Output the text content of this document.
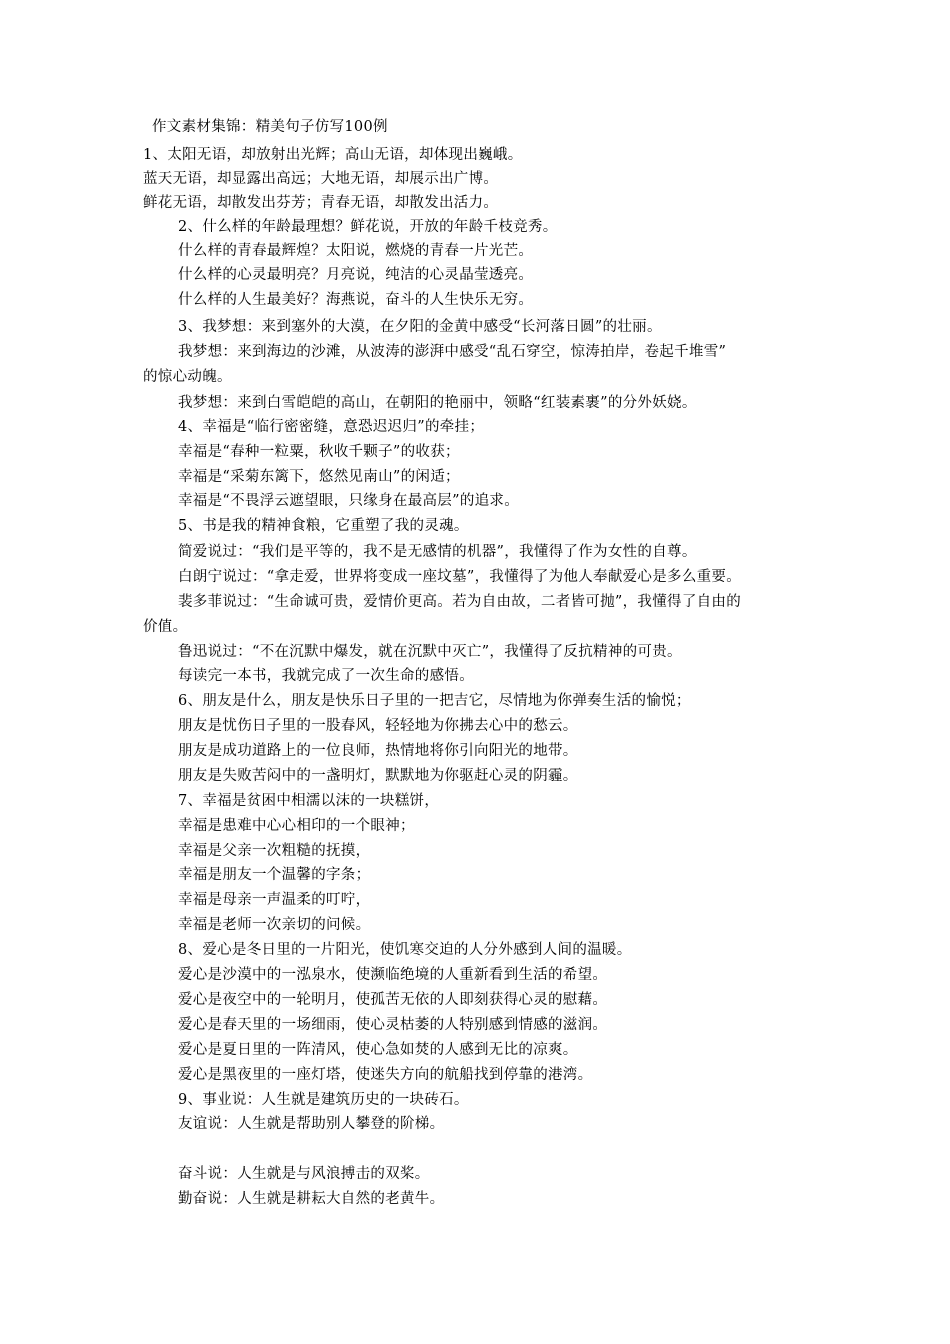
作文素材集锦：精美句子仿写100例
1、太阳无语，却放射出光辉；高山无语，却体现出巍峨。
蓝天无语，却显露出高远；大地无语，却展示出广博。
鲜花无语，却散发出芬芳；青春无语，却散发出活力。
2、什么样的年龄最理想？鲜花说，开放的年龄千枝竞秀。
什么样的青春最辉煌？太阳说，燃烧的青春一片光芒。
什么样的心灵最明亮？月亮说，纯洁的心灵晶莹透亮。
什么样的人生最美好？海燕说，奋斗的人生快乐无穷。
3、我梦想：来到塞外的大漠，在夕阳的金黄中感受“长河落日圆”的壮丽。
我梦想：来到海边的沙滩，从波涛的澎湃中感受“乱石穿空，惊涛拍岸，卷起千堆雪”
的惊心动魄。
我梦想：来到白雪皑皑的高山，在朝阳的艳丽中，领略“红装素裹”的分外妖娆。
4、幸福是“临行密密缝，意恐迟迟归”的牵挂；
幸福是“春种一粒粟，秋收千颗子”的收获；
幸福是“采菊东篱下，悠然见南山”的闲适；
幸福是“不畏浮云遮望眼，只缘身在最高层”的追求。
5、书是我的精神食粮，它重塑了我的灵魂。
简爱说过：“我们是平等的，我不是无感情的机器”，我懂得了作为女性的自尊。
白朗宁说过：“拿走爱，世界将变成一座坟墓”，我懂得了为他人奉献爱心是多么重要。
裴多菲说过：“生命诚可贵，爱情价更高。若为自由故，二者皆可抛”，我懂得了自由的
价值。
鲁迅说过：“不在沉默中爆发，就在沉默中灭亡”，我懂得了反抗精神的可贵。
每读完一本书，我就完成了一次生命的感悟。
6、朋友是什么，朋友是快乐日子里的一把吉它，尽情地为你弹奏生活的愉悦；
朋友是忧伤日子里的一股春风，轻轻地为你拂去心中的愁云。
朋友是成功道路上的一位良师，热情地将你引向阳光的地带。
朋友是失败苦闷中的一盏明灯，默默地为你驱赶心灵的阴霾。
7、幸福是贫困中相濡以沫的一块糕饼，
幸福是患难中心心相印的一个眼神；
幸福是父亲一次粗糙的抚摸，
幸福是朋友一个温馨的字条；
幸福是母亲一声温柔的叮咛，
幸福是老师一次亲切的问候。
8、爱心是冬日里的一片阳光，使饥寒交迫的人分外感到人间的温暖。
爱心是沙漠中的一泓泉水，使濒临绝境的人重新看到生活的希望。
爱心是夜空中的一轮明月，使孤苦无依的人即刻获得心灵的慰藉。
爱心是春天里的一场细雨，使心灵枯萎的人特别感到情感的滋润。
爱心是夏日里的一阵清风，使心急如焚的人感到无比的凉爽。
爱心是黑夜里的一座灯塔，使迷失方向的航船找到停靠的港湾。
9、事业说：人生就是建筑历史的一块砖石。
友谊说：人生就是帮助别人攀登的阶梯。
奋斗说：人生就是与风浪搏击的双桨。
勤奋说：人生就是耕耘大自然的老黄牛。
